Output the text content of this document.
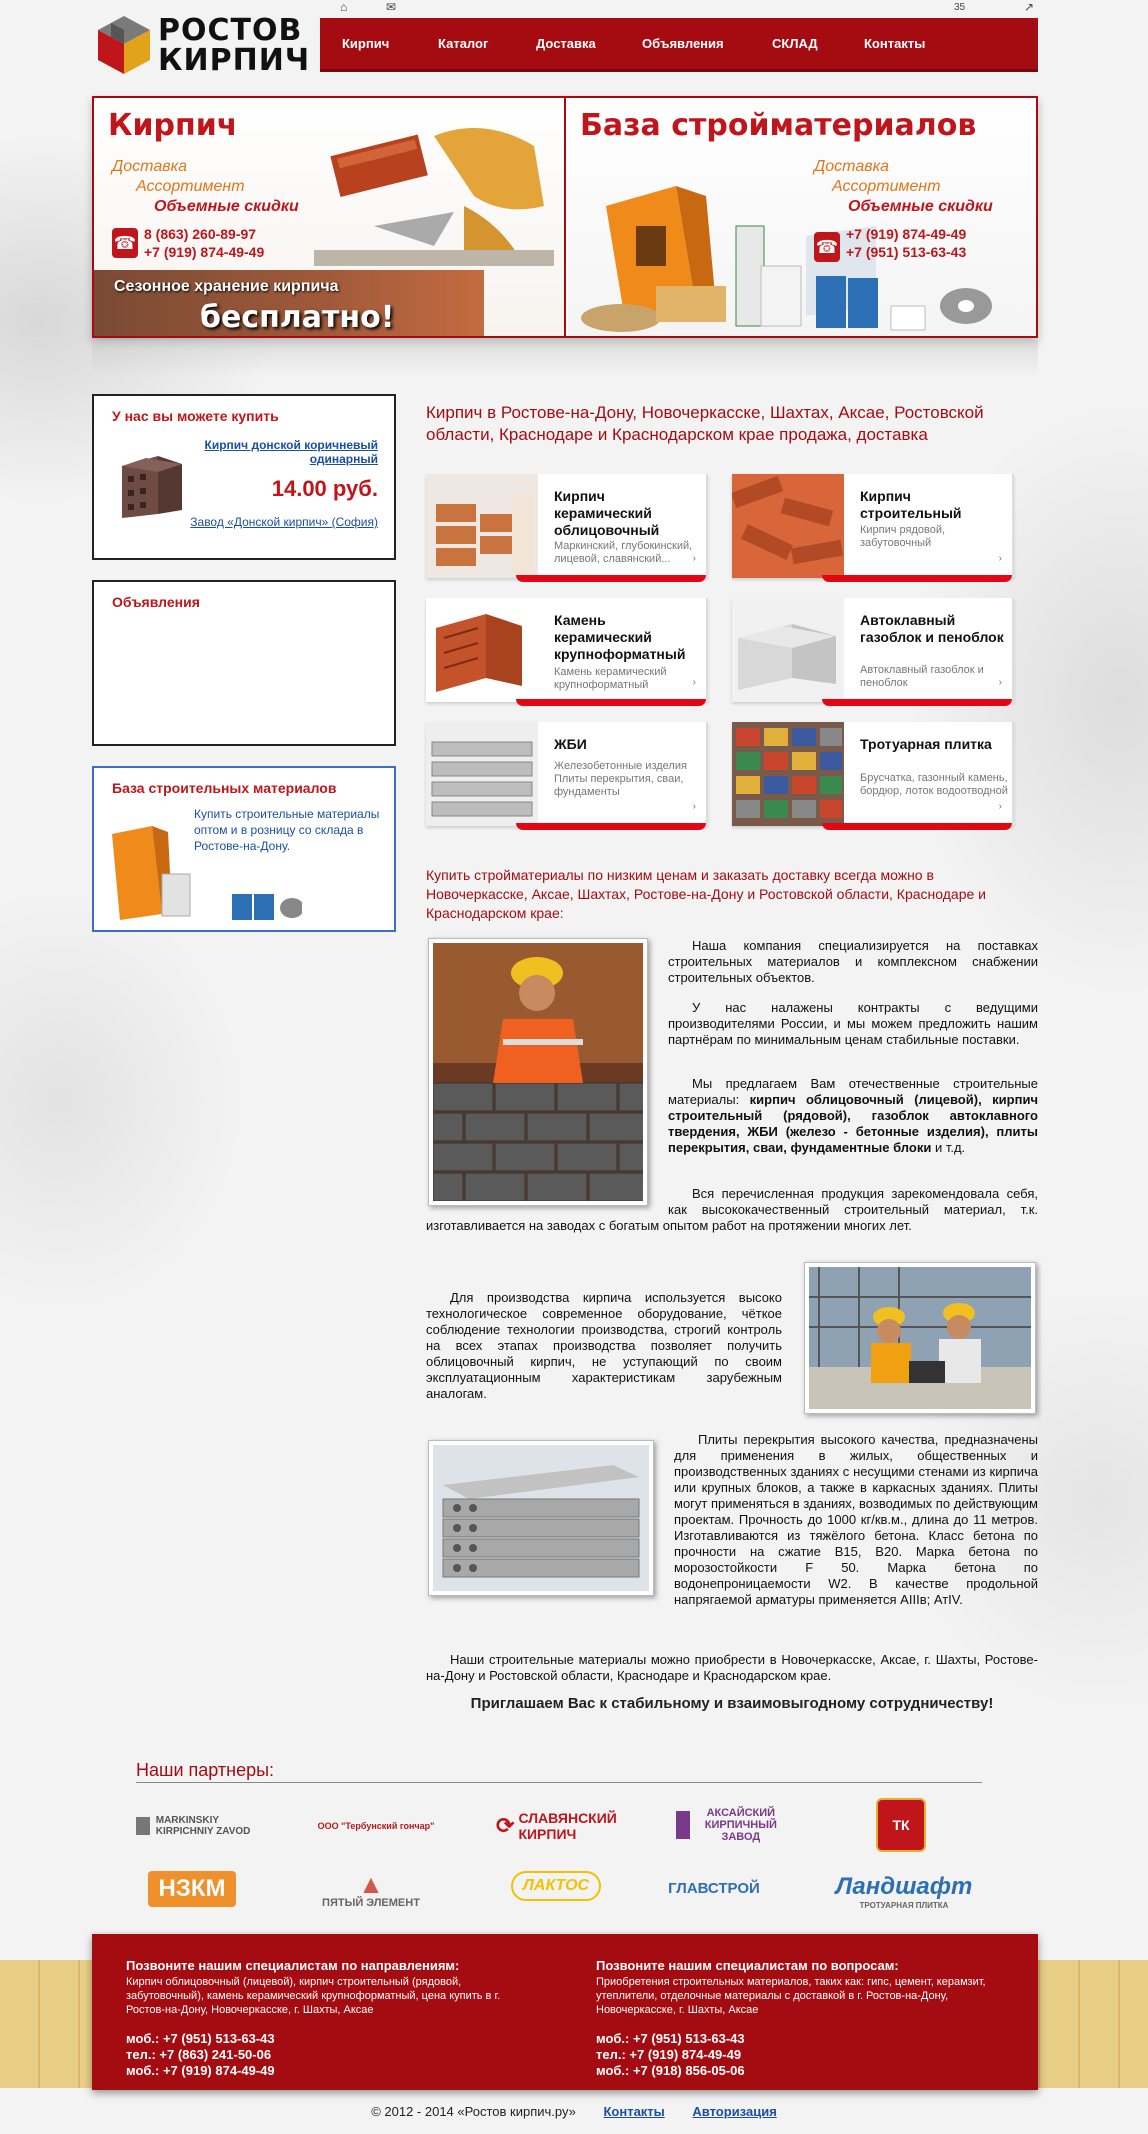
РОСТОВ
КИРПИЧ
⌂	✉	35	↗
Кирпич	Каталог	Доставка	Объявления	СКЛАД	Контакты
Кирпич
Доставка
Ассортимент
Объемные скидки
☎ 8 (863) 260-89-97
+7 (919) 874-49-49
Сезонное хранение кирпича
бесплатно!
База стройматериалов
Доставка
Ассортимент
Объемные скидки
☎
+7 (919) 874-49-49
+7 (951) 513-63-43
У нас вы можете купить
Кирпич донской коричневый одинарный
14.00 руб.
Завод «Донской кирпич» (София)
Объявления
База строительных материалов
Купить строительные материалы оптом и в розницу со склада в Ростове-на-Дону.
Кирпич в Ростове-на-Дону, Новочеркасске, Шахтах, Аксае, Ростовской области, Краснодаре и Краснодарском крае продажа, доставка
Кирпич керамический облицовочный
Маркинский, глубокинский, лицевой, славянский...	›
Кирпич строительный
Кирпич рядовой, забутовочный
›
Камень керамический крупноформатный
Камень керамический крупноформатный	›
Автоклавный газоблок и пеноблок
Автоклавный газоблок и пеноблок	›
ЖБИ
Железобетонные изделия Плиты перекрытия, сваи, фундаменты
›
Тротуарная плитка
Брусчатка, газонный камень, бордюр, лоток водоотводной
›
Купить стройматериалы по низким ценам и заказать доставку всегда можно в Новочеркасске, Аксае, Шахтах, Ростове-на-Дону и Ростовской области, Краснодаре и Краснодарском крае:
Наша компания специализируется на поставках строительных материалов и комплексном снабжении строительных объектов.
У нас налажены контракты с ведущими производителями России, и мы можем предложить нашим партнёрам по минимальным ценам стабильные поставки.
Мы предлагаем Вам отечественные строительные материалы: кирпич облицовочный (лицевой), кирпич строительный (рядовой), газоблок автоклавного твердения, ЖБИ (железо - бетонные изделия), плиты перекрытия, сваи, фундаментные блоки и т.д.
Вся перечисленная продукция зарекомендовала себя, как высококачественный строительный материал, т.к. изготавливается на заводах с богатым опытом работ на протяжении многих лет.
Для производства кирпича используется высоко технологическое современное оборудование, чёткое соблюдение технологии производства, строгий контроль на всех этапах производства позволяет получить облицовочный кирпич, не уступающий по своим эксплуатационным характеристикам зарубежным аналогам.
Плиты перекрытия высокого качества, предназначены для применения в жилых, общественных и производственных зданиях с несущими стенами из кирпича или крупных блоков, а также в каркасных зданиях. Плиты могут применяться в зданиях, возводимых по действующим проектам. Прочность до 1000 кг/кв.м., длина до 11 метров. Изготавливаются из тяжёлого бетона. Класс бетона по прочности на сжатие В15, В20. Марка бетона по морозостойкости F 50. Марка бетона по водонепроницаемости W2. В качестве продольной напрягаемой арматуры применяется АIIIв; АтIV.
Наши строительные материалы можно приобрести в Новочеркасске, Аксае, г. Шахты, Ростове-на-Дону и Ростовской области, Краснодаре и Краснодарском крае.
Приглашаем Вас к стабильному и взаимовыгодному сотрудничеству!
Наши партнеры:
MARKINSKIY KIRPICHNIY ZAVOD	ООО "Тербунский гончар"	⟳ СЛАВЯНСКИЙ КИРПИЧ
АКСАЙСКИЙ КИРПИЧНЫЙ ЗАВОД
ТК
НЗКМ	▲
ПЯТЫЙ ЭЛЕМЕНТ
ЛАКТОС	ГЛАВСТРОЙ	Ландшафт
ТРОТУАРНАЯ ПЛИТКА
Позвоните нашим специалистам по направлениям:
Кирпич облицовочный (лицевой), кирпич строительный (рядовой, забутовочный), камень керамический крупноформатный, цена купить в г. Ростов-на-Дону, Новочеркасске, г. Шахты, Аксае
моб.: +7 (951) 513-63-43
тел.: +7 (863) 241-50-06
моб.: +7 (919) 874-49-49
Позвоните нашим специалистам по вопросам:
Приобретения строительных материалов, таких как: гипс, цемент, керамзит, утеплители, отделочные материалы с доставкой в г. Ростов-на-Дону, Новочеркасске, г. Шахты, Аксае
моб.: +7 (951) 513-63-43
тел.: +7 (919) 874-49-49
моб.: +7 (918) 856-05-06
© 2012 - 2014 «Ростов кирпич.ру» Контакты Авторизация
